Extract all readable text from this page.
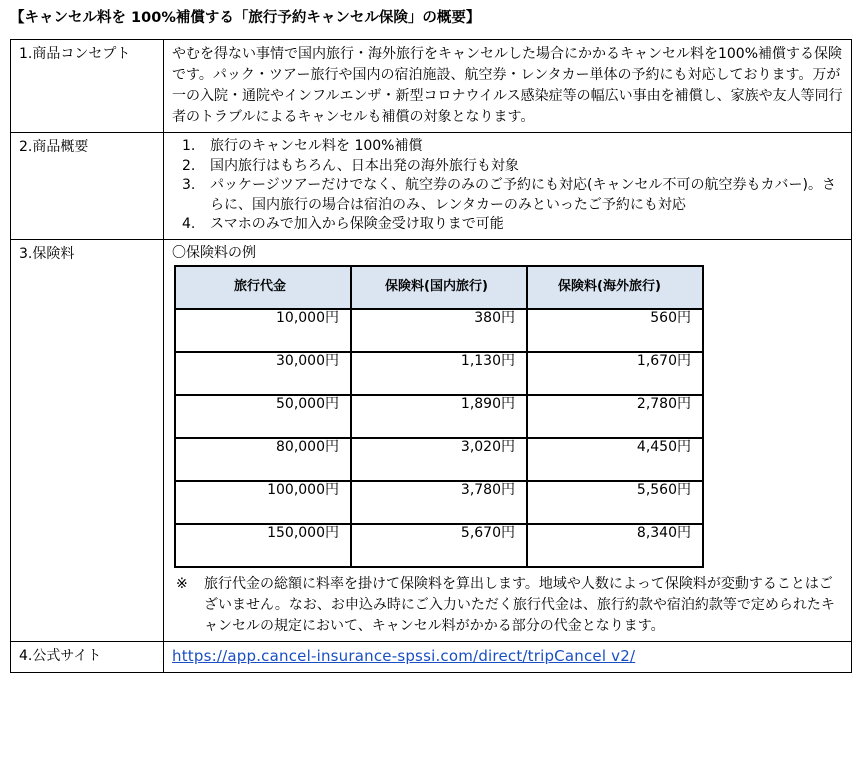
【キャンセル料を 100%補償する「旅行予約キャンセル保険」の概要】
1.商品コンセプト	やむを得ない事情で国内旅行・海外旅行をキャンセルした場合にかかるキャンセル料を100%補償する保険です。パック・ツアー旅行や国内の宿泊施設、航空券・レンタカー単体の予約にも対応しております。万が一の入院・通院やインフルエンザ・新型コロナウイルス感染症等の幅広い事由を補償し、家族や友人等同行者のトラブルによるキャンセルも補償の対象となります。
2.商品概要	1.	旅行のキャンセル料を 100%補償
2.	国内旅行はもちろん、日本出発の海外旅行も対象
3.	パッケージツアーだけでなく、航空券のみのご予約にも対応(キャンセル不可の航空券もカバー)。さらに、国内旅行の場合は宿泊のみ、レンタカーのみといったご予約にも対応
4.	スマホのみで加入から保険金受け取りまで可能

3.保険料	〇保険料の例
旅行代金	保険料(国内旅行)	保険料(海外旅行)
10,000円	380円	560円
30,000円	1,130円	1,670円
50,000円	1,890円	2,780円
80,000円	3,020円	4,450円
100,000円	3,780円	5,560円
150,000円	5,670円	8,340円
※	旅行代金の総額に料率を掛けて保険料を算出します。地域や人数によって保険料が変動することはございません。なお、お申込み時にご入力いただく旅行代金は、旅行約款や宿泊約款等で定められたキャンセルの規定において、キャンセル料がかかる部分の代金となります。

4.公式サイト	https://app.cancel-insurance-spssi.com/direct/tripCancel v2/
